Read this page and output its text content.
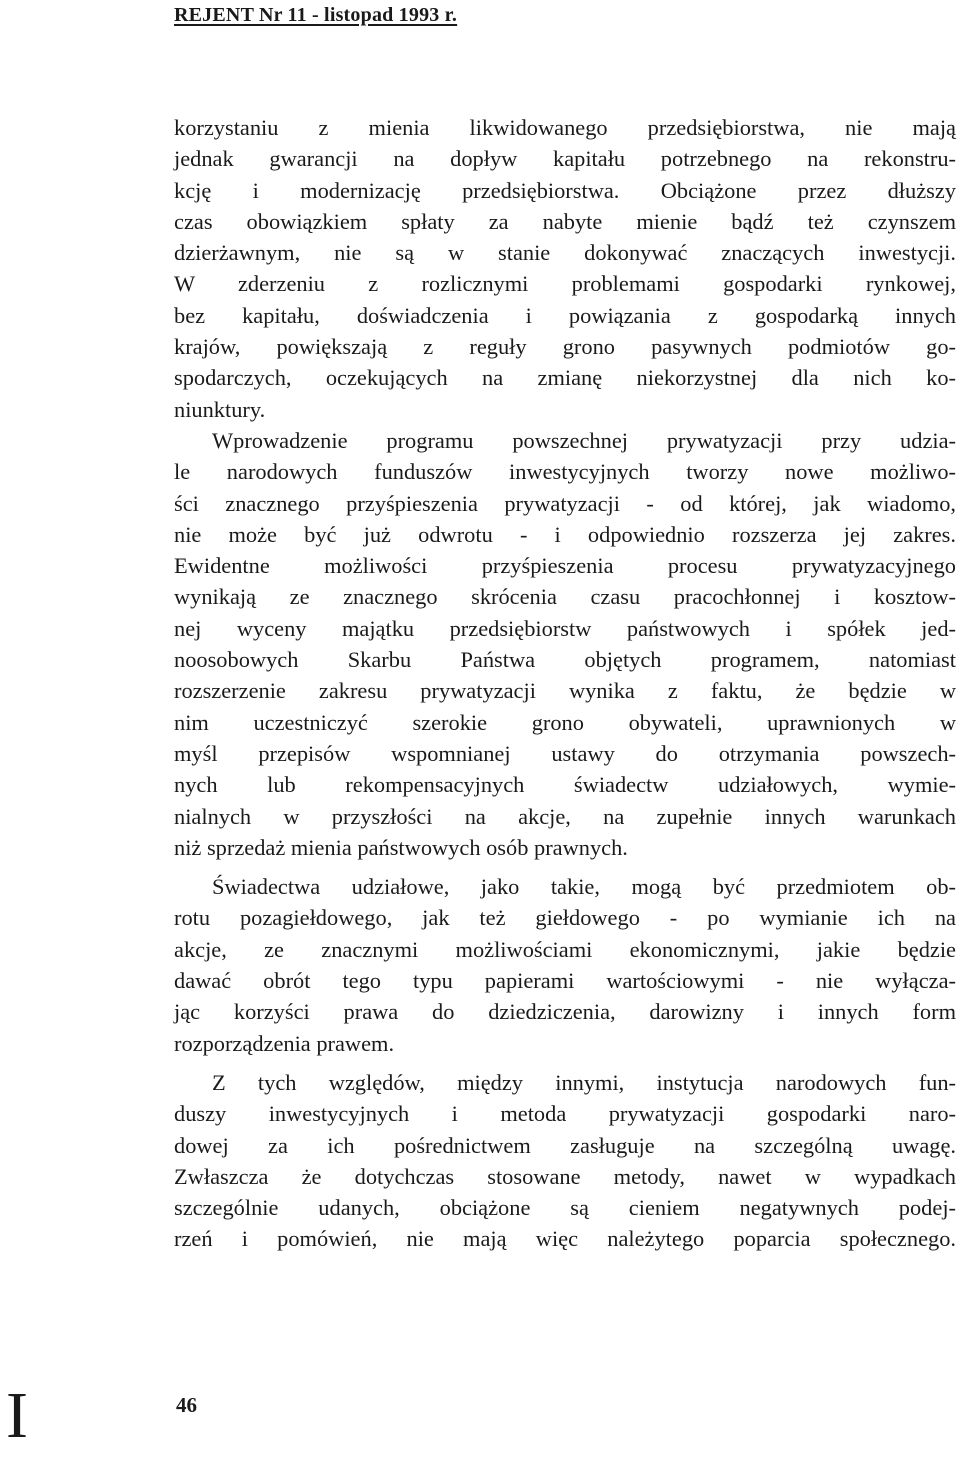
REJENT Nr 11 - listopad 1993 r.
korzystaniu z mienia likwidowanego przedsiębiorstwa, nie mają
jednak gwarancji na dopływ kapitału potrzebnego na rekonstru-
kcję i modernizację przedsiębiorstwa. Obciążone przez dłuższy
czas obowiązkiem spłaty za nabyte mienie bądź też czynszem
dzierżawnym, nie są w stanie dokonywać znaczących inwestycji.
W zderzeniu z rozlicznymi problemami gospodarki rynkowej,
bez kapitału, doświadczenia i powiązania z gospodarką innych
krajów, powiększają z reguły grono pasywnych podmiotów go-
spodarczych, oczekujących na zmianę niekorzystnej dla nich ko-
niunktury.
Wprowadzenie programu powszechnej prywatyzacji przy udzia-
le narodowych funduszów inwestycyjnych tworzy nowe możliwo-
ści znacznego przyśpieszenia prywatyzacji - od której, jak wiadomo,
nie może być już odwrotu - i odpowiednio rozszerza jej zakres.
Ewidentne możliwości przyśpieszenia procesu prywatyzacyjnego
wynikają ze znacznego skrócenia czasu pracochłonnej i kosztow-
nej wyceny majątku przedsiębiorstw państwowych i spółek jed-
noosobowych Skarbu Państwa objętych programem, natomiast
rozszerzenie zakresu prywatyzacji wynika z faktu, że będzie w
nim uczestniczyć szerokie grono obywateli, uprawnionych w
myśl przepisów wspomnianej ustawy do otrzymania powszech-
nych lub rekompensacyjnych świadectw udziałowych, wymie-
nialnych w przyszłości na akcje, na zupełnie innych warunkach
niż sprzedaż mienia państwowych osób prawnych.
Świadectwa udziałowe, jako takie, mogą być przedmiotem ob-
rotu pozagiełdowego, jak też giełdowego - po wymianie ich na
akcje, ze znacznymi możliwościami ekonomicznymi, jakie będzie
dawać obrót tego typu papierami wartościowymi - nie wyłącza-
jąc korzyści prawa do dziedziczenia, darowizny i innych form
rozporządzenia prawem.
Z tych względów, między innymi, instytucja narodowych fun-
duszy inwestycyjnych i metoda prywatyzacji gospodarki naro-
dowej za ich pośrednictwem zasługuje na szczególną uwagę.
Zwłaszcza że dotychczas stosowane metody, nawet w wypadkach
szczególnie udanych, obciążone są cieniem negatywnych podej-
rzeń i pomówień, nie mają więc należytego poparcia społecznego.
I	46
